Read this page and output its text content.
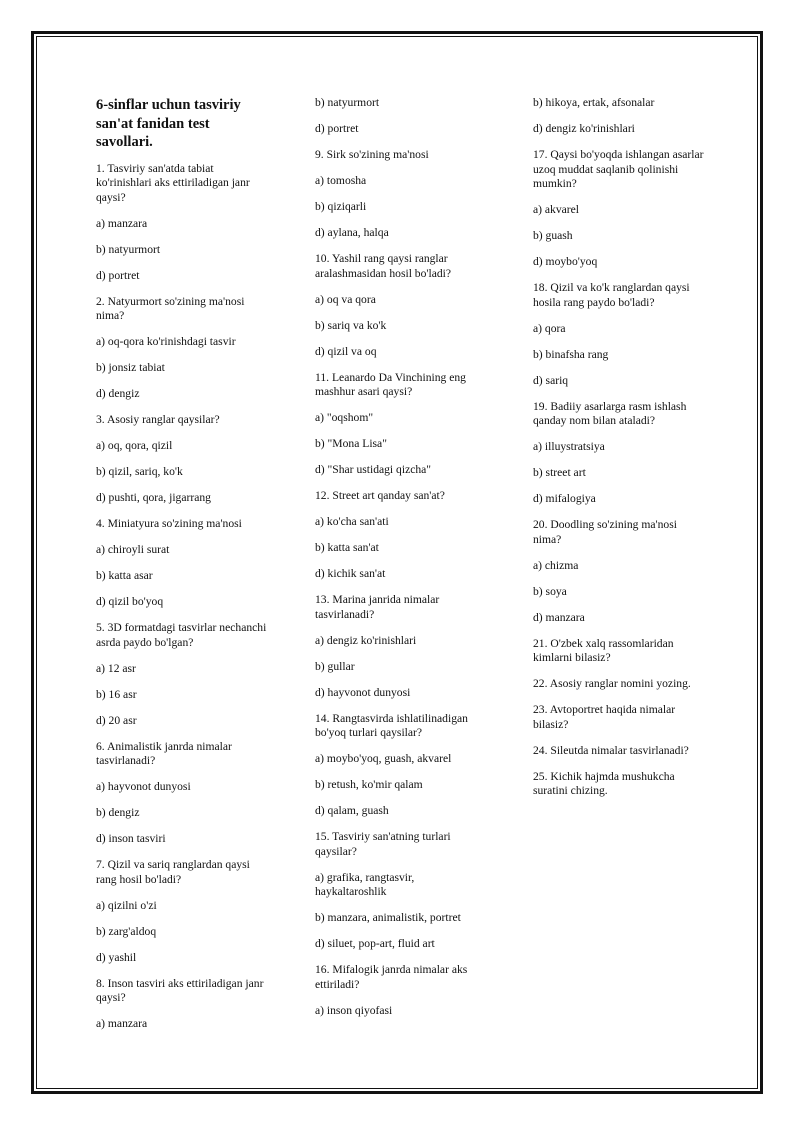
6-sinflar uchun tasviriy san'at fanidan test savollari.
1. Tasviriy san'atda tabiat ko'rinishlari aks ettiriladigan janr qaysi?
a) manzara
b) natyurmort
d) portret
2. Natyurmort so'zining ma'nosi nima?
a) oq-qora ko'rinishdagi tasvir
b) jonsiz tabiat
d) dengiz
3. Asosiy ranglar qaysilar?
a) oq, qora, qizil
b) qizil, sariq, ko'k
d) pushti, qora, jigarrang
4. Miniatyura so'zining ma'nosi
a) chiroyli surat
b) katta asar
d) qizil bo'yoq
5. 3D formatdagi tasvirlar nechanchi asrda paydo bo'lgan?
a) 12 asr
b) 16 asr
d) 20 asr
6. Animalistik janrda nimalar tasvirlanadi?
a) hayvonot dunyosi
b) dengiz
d) inson tasviri
7. Qizil va sariq ranglardan qaysi rang hosil bo'ladi?
a) qizilni o'zi
b) zarg'aldoq
d) yashil
8. Inson tasviri aks ettiriladigan janr qaysi?
a) manzara
b) natyurmort
d) portret
9. Sirk so'zining ma'nosi
a) tomosha
b) qiziqarli
d) aylana, halqa
10. Yashil rang qaysi ranglar aralashmasidan hosil bo'ladi?
a) oq va qora
b) sariq va ko'k
d) qizil va oq
11. Leanardo Da Vinchining eng mashhur asari qaysi?
a) "oqshom"
b) "Mona Lisa"
d) "Shar ustidagi qizcha"
12. Street art qanday san'at?
a) ko'cha san'ati
b) katta san'at
d) kichik san'at
13. Marina janrida nimalar tasvirlanadi?
a) dengiz ko'rinishlari
b) gullar
d) hayvonot dunyosi
14. Rangtasvirda ishlatilinadigan bo'yoq turlari qaysilar?
a) moybo'yoq, guash, akvarel
b) retush, ko'mir qalam
d) qalam, guash
15. Tasviriy san'atning turlari qaysilar?
a) grafika, rangtasvir, haykaltaroshlik
b) manzara, animalistik, portret
d) siluet, pop-art, fluid art
16. Mifalogik janrda nimalar aks ettiriladi?
a) inson qiyofasi
b) hikoya, ertak, afsonalar
d) dengiz ko'rinishlari
17. Qaysi bo'yoqda ishlangan asarlar uzoq muddat saqlanib qolinishi mumkin?
a) akvarel
b) guash
d) moybo'yoq
18. Qizil va ko'k ranglardan qaysi hosila rang paydo bo'ladi?
a) qora
b) binafsha rang
d) sariq
19. Badiiy asarlarga rasm ishlash qanday nom bilan ataladi?
a) illuystratsiya
b) street art
d) mifalogiya
20. Doodling so'zining ma'nosi nima?
a) chizma
b) soya
d) manzara
21. O'zbek xalq rassomlaridan kimlarni bilasiz?
22. Asosiy ranglar nomini yozing.
23. Avtoportret haqida nimalar bilasiz?
24. Sileutda nimalar tasvirlanadi?
25. Kichik hajmda mushukcha suratini chizing.
